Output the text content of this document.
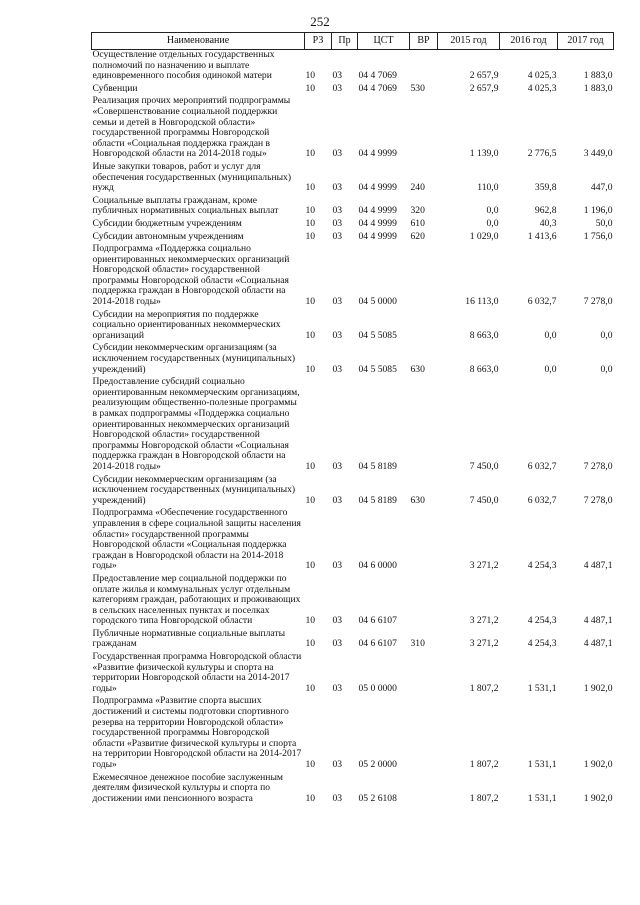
252
Наименование	РЗ	Пр	ЦСТ	ВР	2015 год	2016 год	2017 год
Осуществление отдельных государственных полномочий по назначению и выплате единовременного пособия одинокой матери	10	03	04 4 7069		2 657,9	4 025,3	1 883,0
Субвенции	10	03	04 4 7069	530	2 657,9	4 025,3	1 883,0
Реализация прочих мероприятий подпрограммы «Совершенствование социальной поддержки семьи и детей в Новгородской области» государственной программы Новгородской области «Социальная поддержка граждан в Новгородской области на 2014-2018 годы»	10	03	04 4 9999		1 139,0	2 776,5	3 449,0
Иные закупки товаров, работ и услуг для обеспечения государственных (муниципальных) нужд	10	03	04 4 9999	240	110,0	359,8	447,0
Социальные выплаты гражданам, кроме публичных нормативных социальных выплат	10	03	04 4 9999	320	0,0	962,8	1 196,0
Субсидии бюджетным учреждениям	10	03	04 4 9999	610	0,0	40,3	50,0
Субсидии автономным учреждениям	10	03	04 4 9999	620	1 029,0	1 413,6	1 756,0
Подпрограмма «Поддержка социально ориентированных некоммерческих организаций Новгородской области» государственной программы Новгородской области «Социальная поддержка граждан в Новгородской области на 2014-2018 годы»	10	03	04 5 0000		16 113,0	6 032,7	7 278,0
Субсидии на мероприятия по поддержке социально ориентированных некоммерческих организаций	10	03	04 5 5085		8 663,0	0,0	0,0
Субсидии некоммерческим организациям (за исключением государственных (муниципальных) учреждений)	10	03	04 5 5085	630	8 663,0	0,0	0,0
Предоставление субсидий социально ориентированным некоммерческим организациям, реализующим общественно-полезные программы в рамках подпрограммы «Поддержка социально ориентированных некоммерческих организаций Новгородской области» государственной программы Новгородской области «Социальная поддержка граждан в Новгородской области на 2014-2018 годы»	10	03	04 5 8189		7 450,0	6 032,7	7 278,0
Субсидии некоммерческим организациям (за исключением государственных (муниципальных) учреждений)	10	03	04 5 8189	630	7 450,0	6 032,7	7 278,0
Подпрограмма «Обеспечение государственного управления в сфере социальной защиты населения области» государственной программы Новгородской области «Социальная поддержка граждан в Новгородской области на 2014-2018 годы»	10	03	04 6 0000		3 271,2	4 254,3	4 487,1
Предоставление мер социальной поддержки по оплате жилья и коммунальных услуг отдельным категориям граждан, работающих и проживающих в сельских населенных пунктах и поселках городского типа Новгородской области	10	03	04 6 6107		3 271,2	4 254,3	4 487,1
Публичные нормативные социальные выплаты гражданам	10	03	04 6 6107	310	3 271,2	4 254,3	4 487,1
Государственная программа Новгородской области «Развитие физической культуры и спорта на территории Новгородской области на 2014-2017 годы»	10	03	05 0 0000		1 807,2	1 531,1	1 902,0
Подпрограмма «Развитие спорта высших достижений и системы подготовки спортивного резерва на территории Новгородской области» государственной программы Новгородской области «Развитие физической культуры и спорта на территории Новгородской области на 2014-2017 годы»	10	03	05 2 0000		1 807,2	1 531,1	1 902,0
Ежемесячное денежное пособие заслуженным деятелям физической культуры и спорта по достижении ими пенсионного возраста	10	03	05 2 6108		1 807,2	1 531,1	1 902,0
